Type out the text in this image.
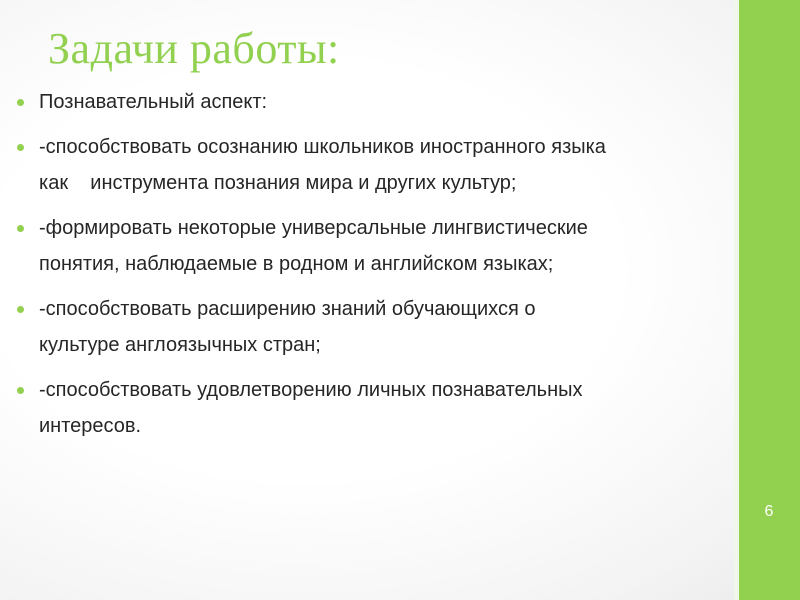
6
Задачи работы:
Познавательный аспект:
-способствовать осознанию школьников иностранного языка
как    инструмента познания мира и других культур;
-формировать некоторые универсальные лингвистические
понятия, наблюдаемые в родном и английском языках;
-способствовать расширению знаний обучающихся о
культуре англоязычных стран;
-способствовать удовлетворению личных познавательных
интересов.
